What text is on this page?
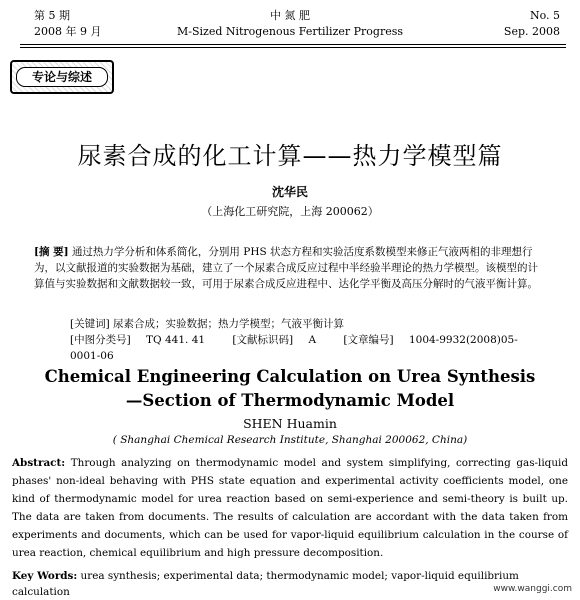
第 5 期
2008 年 9 月
中 氮 肥
M-Sized Nitrogenous Fertilizer Progress
No. 5
Sep. 2008
专论与综述
尿素合成的化工计算——热力学模型篇
沈华民
（上海化工研究院，上海 200062）
[摘 要] 通过热力学分析和体系简化，分别用 PHS 状态方程和实验活度系数模型来修正气液两相的非理想行为，以文献报道的实验数据为基础，建立了一个尿素合成反应过程中半经验半理论的热力学模型。该模型的计算值与实验数据和文献数据较一致，可用于尿素合成反应进程中、达化学平衡及高压分解时的气液平衡计算。
[关键词] 尿素合成；实验数据；热力学模型；气液平衡计算
[中图分类号] TQ 441. 41	[文献标识码] A	[文章编号] 1004-9932(2008)05-0001-06
Chemical Engineering Calculation on Urea Synthesis
—Section of Thermodynamic Model
SHEN Huamin
( Shanghai Chemical Research Institute, Shanghai 200062, China)
Abstract: Through analyzing on thermodynamic model and system simplifying, correcting gas-liquid phases' non-ideal behaving with PHS state equation and experimental activity coefficients model, one kind of thermodynamic model for urea reaction based on semi-experience and semi-theory is built up. The data are taken from documents. The results of calculation are accordant with the data taken from experiments and documents, which can be used for vapor-liquid equilibrium calculation in the course of urea reaction, chemical equilibrium and high pressure decomposition.
Key Words: urea synthesis; experimental data; thermodynamic model; vapor-liquid equilibrium calculation	www.wanggi.com
